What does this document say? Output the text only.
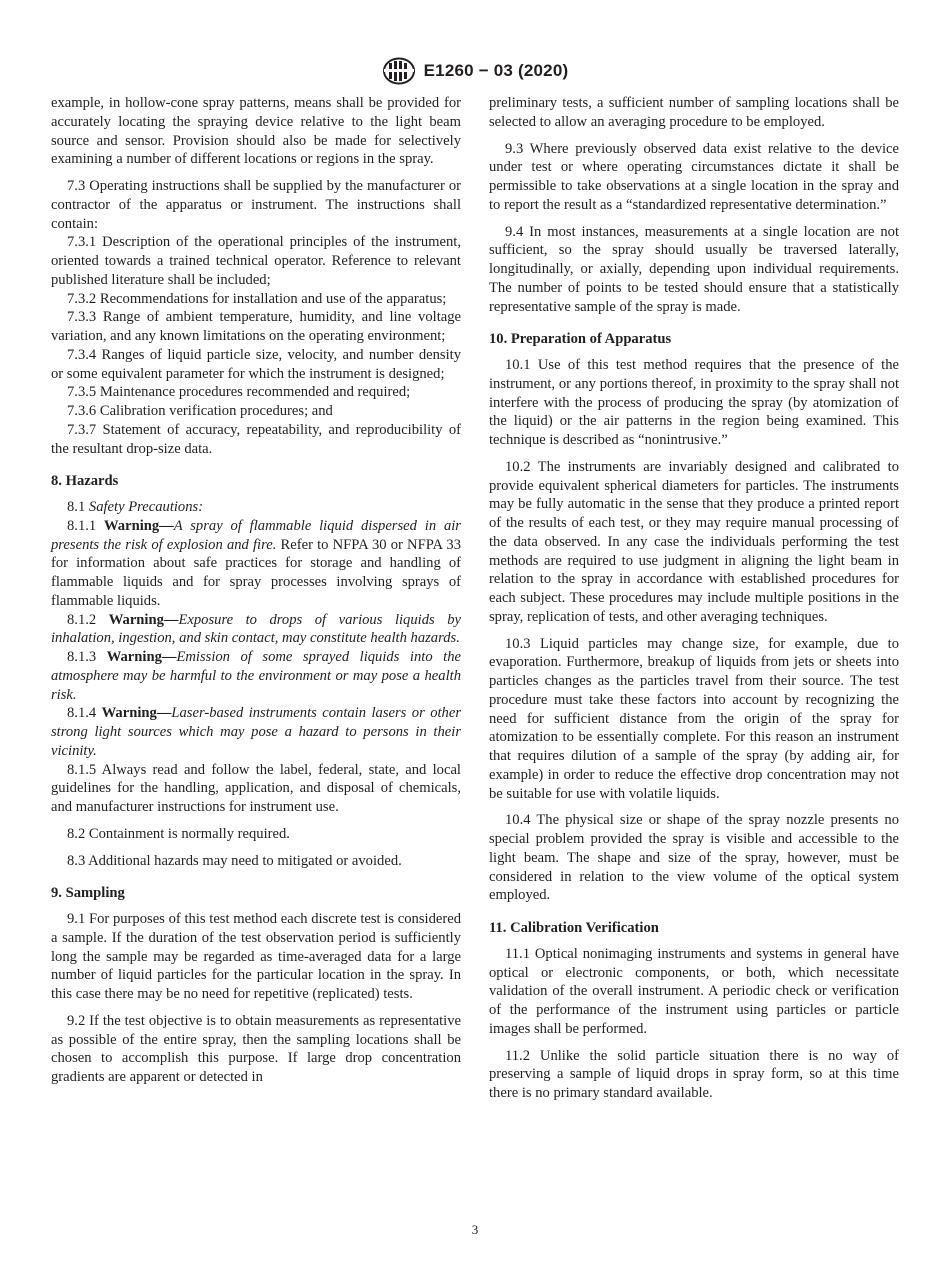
E1260 − 03 (2020)

example, in hollow-cone spray patterns, means shall be provided for accurately locating the spraying device relative to the light beam source and sensor. Provision should also be made for selectively examining a number of different locations or regions in the spray.

7.3 Operating instructions shall be supplied by the manufacturer or contractor of the apparatus or instrument. The instructions shall contain:

7.3.1 Description of the operational principles of the instrument, oriented towards a trained technical operator. Reference to relevant published literature shall be included;

7.3.2 Recommendations for installation and use of the apparatus;

7.3.3 Range of ambient temperature, humidity, and line voltage variation, and any known limitations on the operating environment;

7.3.4 Ranges of liquid particle size, velocity, and number density or some equivalent parameter for which the instrument is designed;

7.3.5 Maintenance procedures recommended and required;

7.3.6 Calibration verification procedures; and

7.3.7 Statement of accuracy, repeatability, and reproducibility of the resultant drop-size data.

8. Hazards

8.1 Safety Precautions:

8.1.1 Warning—A spray of flammable liquid dispersed in air presents the risk of explosion and fire. Refer to NFPA 30 or NFPA 33 for information about safe practices for storage and handling of flammable liquids and for spray processes involving sprays of flammable liquids.

8.1.2 Warning—Exposure to drops of various liquids by inhalation, ingestion, and skin contact, may constitute health hazards.

8.1.3 Warning—Emission of some sprayed liquids into the atmosphere may be harmful to the environment or may pose a health risk.

8.1.4 Warning—Laser-based instruments contain lasers or other strong light sources which may pose a hazard to persons in their vicinity.

8.1.5 Always read and follow the label, federal, state, and local guidelines for the handling, application, and disposal of chemicals, and manufacturer instructions for instrument use.

8.2 Containment is normally required.

8.3 Additional hazards may need to mitigated or avoided.

9. Sampling

9.1 For purposes of this test method each discrete test is considered a sample. If the duration of the test observation period is sufficiently long the sample may be regarded as time-averaged data for a large number of liquid particles for the particular location in the spray. In this case there may be no need for repetitive (replicated) tests.

9.2 If the test objective is to obtain measurements as representative as possible of the entire spray, then the sampling locations shall be chosen to accomplish this purpose. If large drop concentration gradients are apparent or detected in

preliminary tests, a sufficient number of sampling locations shall be selected to allow an averaging procedure to be employed.

9.3 Where previously observed data exist relative to the device under test or where operating circumstances dictate it shall be permissible to take observations at a single location in the spray and to report the result as a “standardized representative determination.”

9.4 In most instances, measurements at a single location are not sufficient, so the spray should usually be traversed laterally, longitudinally, or axially, depending upon individual requirements. The number of points to be tested should ensure that a statistically representative sample of the spray is made.

10. Preparation of Apparatus

10.1 Use of this test method requires that the presence of the instrument, or any portions thereof, in proximity to the spray shall not interfere with the process of producing the spray (by atomization of the liquid) or the air patterns in the region being examined. This technique is described as “nonintrusive.”

10.2 The instruments are invariably designed and calibrated to provide equivalent spherical diameters for particles. The instruments may be fully automatic in the sense that they produce a printed report of the results of each test, or they may require manual processing of the data observed. In any case the individuals performing the test methods are required to use judgment in aligning the light beam in relation to the spray in accordance with established procedures for each subject. These procedures may include multiple positions in the spray, replication of tests, and other averaging techniques.

10.3 Liquid particles may change size, for example, due to evaporation. Furthermore, breakup of liquids from jets or sheets into particles changes as the particles travel from their source. The test procedure must take these factors into account by recognizing the need for sufficient distance from the origin of the spray for atomization to be essentially complete. For this reason an instrument that requires dilution of a sample of the spray (by adding air, for example) in order to reduce the effective drop concentration may not be suitable for use with volatile liquids.

10.4 The physical size or shape of the spray nozzle presents no special problem provided the spray is visible and accessible to the light beam. The shape and size of the spray, however, must be considered in relation to the view volume of the optical system employed.

11. Calibration Verification

11.1 Optical nonimaging instruments and systems in general have optical or electronic components, or both, which necessitate validation of the overall instrument. A periodic check or verification of the performance of the instrument using particles or particle images shall be performed.

11.2 Unlike the solid particle situation there is no way of preserving a sample of liquid drops in spray form, so at this time there is no primary standard available.

3
